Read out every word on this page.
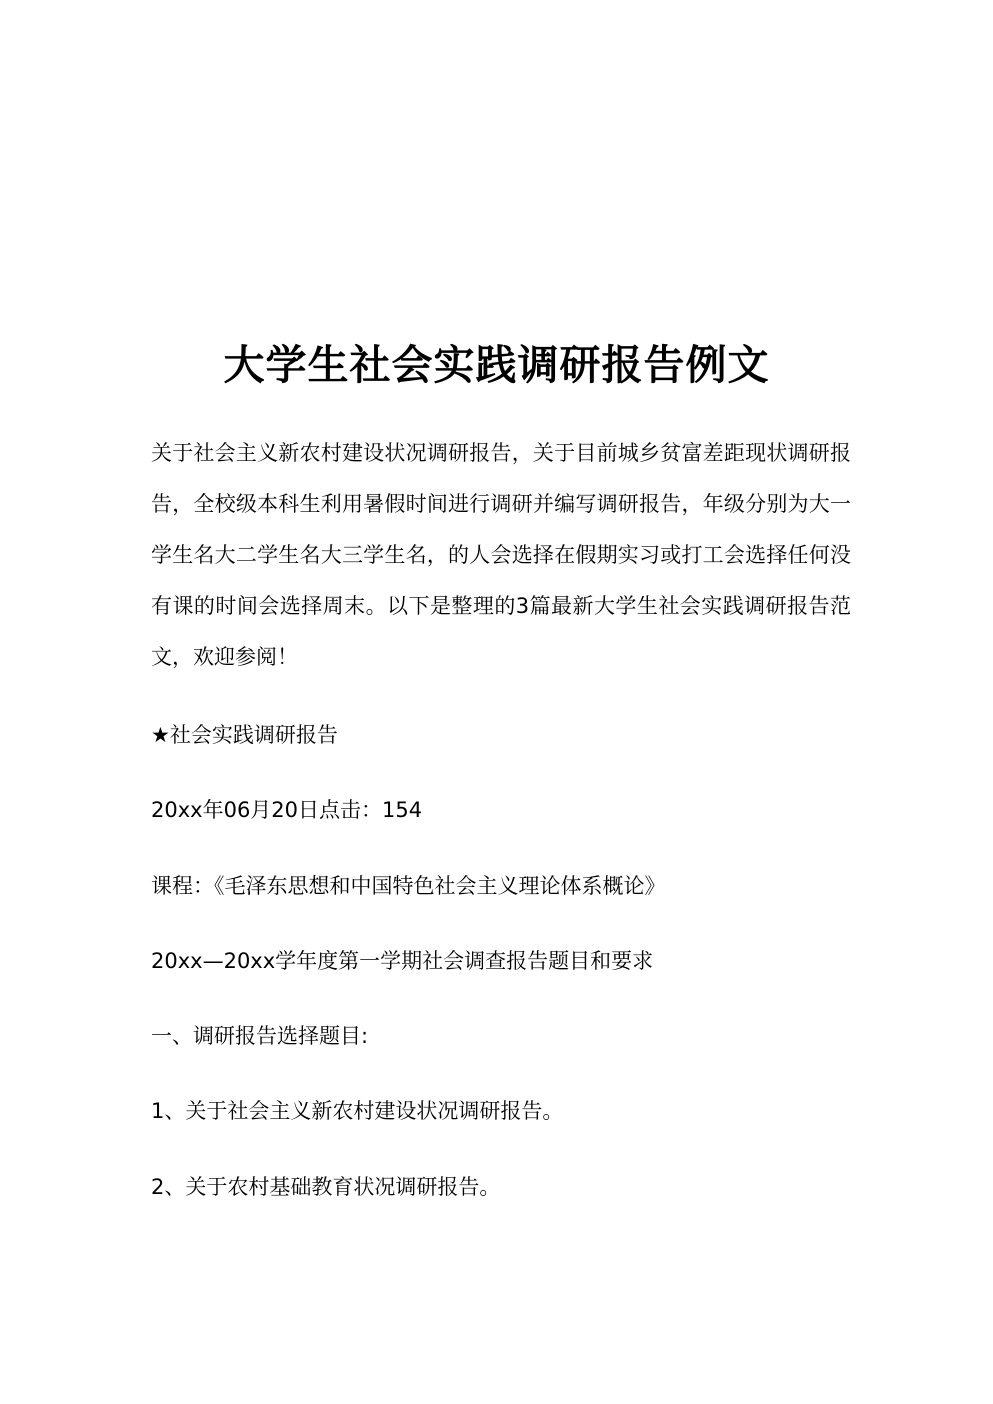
大学生社会实践调研报告例文

关于社会主义新农村建设状况调研报告，关于目前城乡贫富差距现状调研报告，全校级本科生利用暑假时间进行调研并编写调研报告，年级分别为大一学生名大二学生名大三学生名，的人会选择在假期实习或打工会选择任何没有课的时间会选择周末。以下是整理的3篇最新大学生社会实践调研报告范文，欢迎参阅！

★社会实践调研报告

20xx年06月20日点击：154

课程：《毛泽东思想和中国特色社会主义理论体系概论》

20xx—20xx学年度第一学期社会调查报告题目和要求

一、调研报告选择题目:

1、关于社会主义新农村建设状况调研报告。

2、关于农村基础教育状况调研报告。
